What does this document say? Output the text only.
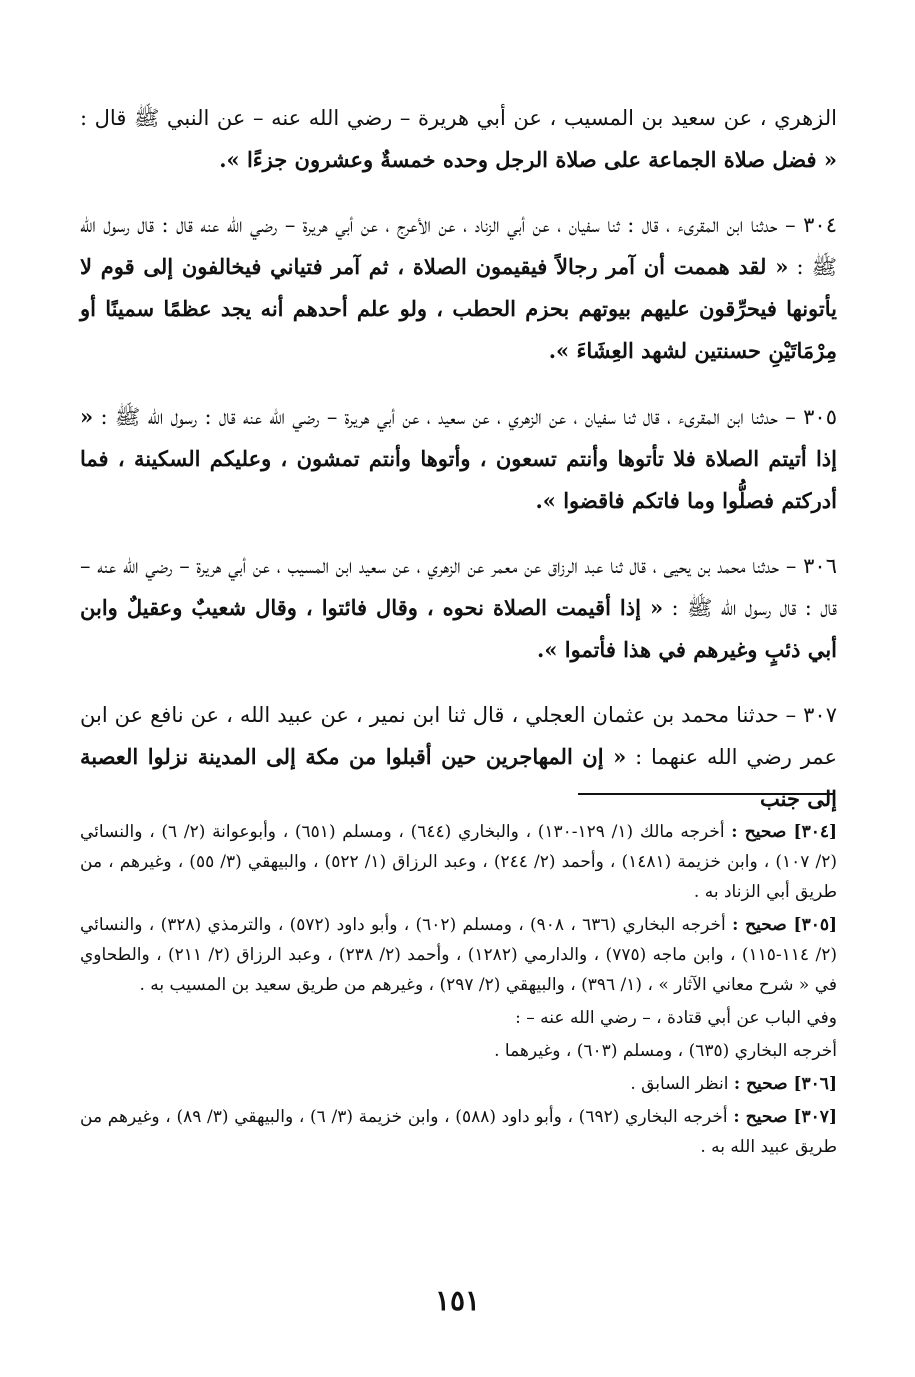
الزهري ، عن سعيد بن المسيب ، عن أبي هريرة – رضي الله عنه – عن النبي ﷺ قال : « فضل صلاة الجماعة على صلاة الرجل وحده خمسةٌ وعشرون جزءًا ».

٣٠٤ – حدثنا ابن المقرىء ، قال : ثنا سفيان ، عن أبي الزناد ، عن الأعرج ، عن أبي هريرة – رضي الله عنه قال : قال رسول الله ﷺ : « لقد هممت أن آمر رجالاً فيقيمون الصلاة ، ثم آمر فتياني فيخالفون إلى قوم لا يأتونها فيحرِّقون عليهم بيوتهم بحزم الحطب ، ولو علم أحدهم أنه يجد عظمًا سمينًا أو مِرْمَاتَيْنِ حسنتين لشهد العِشَاءَ ».

٣٠٥ – حدثنا ابن المقرىء ، قال ثنا سفيان ، عن الزهري ، عن سعيد ، عن أبي هريرة – رضي الله عنه قال : رسول الله ﷺ : « إذا أتيتم الصلاة فلا تأتوها وأنتم تسعون ، وأتوها وأنتم تمشون ، وعليكم السكينة ، فما أدركتم فصلُّوا وما فاتكم فاقضوا ».

٣٠٦ – حدثنا محمد بن يحيى ، قال ثنا عبد الرزاق عن معمر عن الزهري ، عن سعيد ابن المسيب ، عن أبي هريرة – رضي الله عنه – قال : قال رسول الله ﷺ : « إذا أقيمت الصلاة نحوه ، وقال فائتوا ، وقال شعيبٌ وعقيلٌ وابن أبي ذئبٍ وغيرهم في هذا فأتموا ».

٣٠٧ – حدثنا محمد بن عثمان العجلي ، قال ثنا ابن نمير ، عن عبيد الله ، عن نافع عن ابن عمر رضي الله عنهما : « إن المهاجرين حين أقبلوا من مكة إلى المدينة نزلوا العصبة إلى جنب

[٣٠٤] صحيح : أخرجه مالك (١/ ١٢٩-١٣٠) ، والبخاري (٦٤٤) ، ومسلم (٦٥١) ، وأبوعوانة (٢/ ٦) ، والنسائي (٢/ ١٠٧) ، وابن خزيمة (١٤٨١) ، وأحمد (٢/ ٢٤٤) ، وعبد الرزاق (١/ ٥٢٢) ، والبيهقي (٣/ ٥٥) ، وغيرهم ، من طريق أبي الزناد به .

[٣٠٥] صحيح : أخرجه البخاري (٦٣٦ ، ٩٠٨) ، ومسلم (٦٠٢) ، وأبو داود (٥٧٢) ، والترمذي (٣٢٨) ، والنسائي (٢/ ١١٤-١١٥) ، وابن ماجه (٧٧٥) ، والدارمي (١٢٨٢) ، وأحمد (٢/ ٢٣٨) ، وعبد الرزاق (٢/ ٢١١) ، والطحاوي في « شرح معاني الآثار » ، (١/ ٣٩٦) ، والبيهقي (٢/ ٢٩٧) ، وغيرهم من طريق سعيد بن المسيب به .

وفي الباب عن أبي قتادة ، – رضي الله عنه – :

أخرجه البخاري (٦٣٥) ، ومسلم (٦٠٣) ، وغيرهما .

[٣٠٦] صحيح : انظر السابق .

[٣٠٧] صحيح : أخرجه البخاري (٦٩٢) ، وأبو داود (٥٨٨) ، وابن خزيمة (٣/ ٦) ، والبيهقي (٣/ ٨٩) ، وغيرهم من طريق عبيد الله به .

١٥١
